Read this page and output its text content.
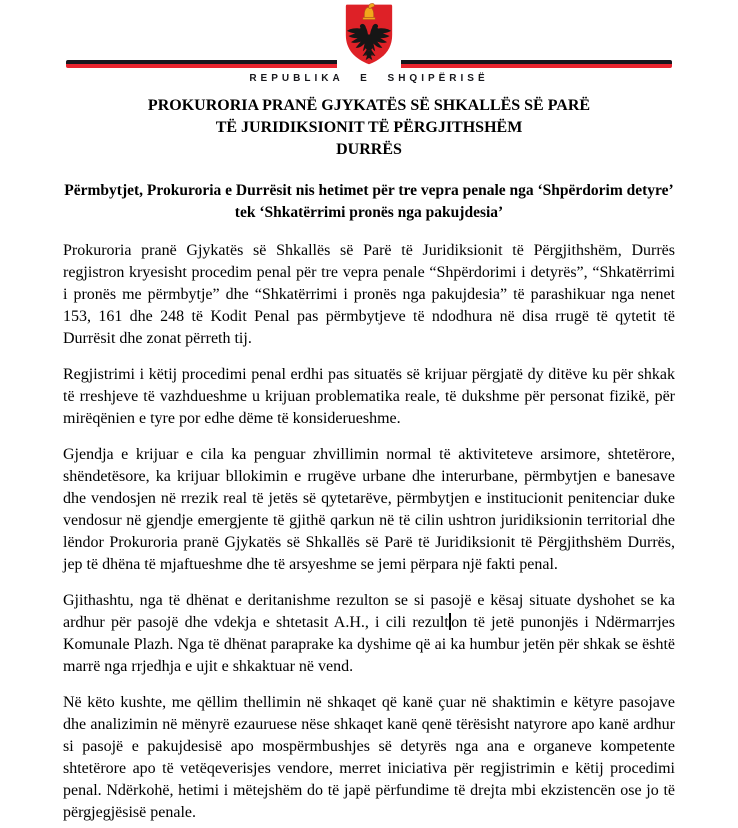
REPUBLIKA E SHQIPËRISË
PROKURORIA PRANË GJYKATËS SË SHKALLËS SË PARË
TË JURIDIKSIONIT TË PËRGJITHSHËM
DURRËS
Përmbytjet, Prokuroria e Durrësit nis hetimet për tre vepra penale nga ‘Shpërdorim detyre’ tek ‘Shkatërrimi pronës nga pakujdesia’

Prokuroria pranë Gjykatës së Shkallës së Parë të Juridiksionit të Përgjithshëm, Durrës regjistron kryesisht procedim penal për tre vepra penale “Shpërdorimi i detyrës”, “Shkatërrimi i pronës me përmbytje” dhe “Shkatërrimi i pronës nga pakujdesia” të parashikuar nga nenet 153, 161 dhe 248 të Kodit Penal pas përmbytjeve të ndodhura në disa rrugë të qytetit të Durrësit dhe zonat përreth tij.

Regjistrimi i këtij procedimi penal erdhi pas situatës së krijuar përgjatë dy ditëve ku për shkak të rreshjeve të vazhdueshme u krijuan problematika reale, të dukshme për personat fizikë, për mirëqënien e tyre por edhe dëme të konsiderueshme.

Gjendja e krijuar e cila ka penguar zhvillimin normal të aktiviteteve arsimore, shtetërore, shëndetësore, ka krijuar bllokimin e rrugëve urbane dhe interurbane, përmbytjen e banesave dhe vendosjen në rrezik real të jetës së qytetarëve, përmbytjen e institucionit penitenciar duke vendosur në gjendje emergjente të gjithë qarkun në të cilin ushtron juridiksionin territorial dhe lëndor Prokuroria pranë Gjykatës së Shkallës së Parë të Juridiksionit të Përgjithshëm Durrës, jep të dhëna të mjaftueshme dhe të arsyeshme se jemi përpara një fakti penal.

Gjithashtu, nga të dhënat e deritanishme rezulton se si pasojë e kësaj situate dyshohet se ka ardhur për pasojë dhe vdekja e shtetasit A.H., i cili rezult on të jetë punonjës i Ndërmarrjes Komunale Plazh. Nga të dhënat paraprake ka dyshime që ai ka humbur jetën për shkak se është marrë nga rrjedhja e ujit e shkaktuar në vend.

Në këto kushte, me qëllim thellimin në shkaqet që kanë çuar në shaktimin e këtyre pasojave dhe analizimin në mënyrë ezauruese nëse shkaqet kanë qenë tërësisht natyrore apo kanë ardhur si pasojë e pakujdesisë apo mospërmbushjes së detyrës nga ana e organeve kompetente shtetërore apo të vetëqeverisjes vendore, merret iniciativa për regjistrimin e këtij procedimi penal. Ndërkohë, hetimi i mëtejshëm do të japë përfundime të drejta mbi ekzistencën ose jo të përgjegjësisë penale.
